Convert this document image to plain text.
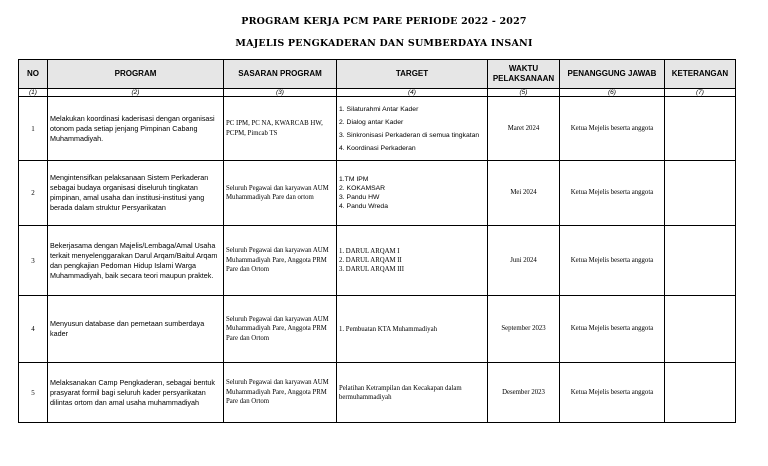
PROGRAM KERJA PCM PARE PERIODE 2022 - 2027
MAJELIS PENGKADERAN DAN SUMBERDAYA INSANI
NO	PROGRAM	SASARAN PROGRAM	TARGET	WAKTU PELAKSANAAN	PENANGGUNG JAWAB	KETERANGAN
(1)	(2)	(3)	(4)	(5)	(6)	(7)
1	Melakukan koordinasi kaderisasi dengan organisasi otonom pada setiap jenjang Pimpinan Cabang Muhammadiyah.	PC IPM, PC NA, KWARCAB HW, PCPM, Pimcab TS	1. Silaturahmi Antar Kader
2. Dialog antar Kader
3. Sinkronisasi Perkaderan di semua tingkatan
4. Koordinasi Perkaderan	Maret 2024	Ketua Mejelis beserta anggota	
2	Mengintensifkan pelaksanaan Sistem Perkaderan sebagai budaya organisasi diseluruh tingkatan pimpinan, amal usaha dan institusi-institusi yang berada dalam struktur Persyarikatan	Seluruh Pegawai dan karyawan AUM Muhammadiyah Pare dan ortom	1.TM IPM
2. KOKAMSAR
3. Pandu HW
4. Pandu Wreda	Mei 2024	Ketua Mejelis beserta anggota	
3	Bekerjasama dengan Majelis/Lembaga/Amal Usaha terkait menyelenggarakan Darul Arqam/Baitul Arqam dan pengkajian Pedoman Hidup Islami Warga Muhammadiyah, baik secara teori maupun praktek.	Seluruh Pegawai dan karyawan AUM Muhammadiyah Pare, Anggota PRM Pare dan Ortom	1. DARUL ARQAM I
2. DARUL ARQAM II
3. DARUL ARQAM III	Juni 2024	Ketua Mejelis beserta anggota	
4	Menyusun database dan pemetaan sumberdaya kader	Seluruh Pegawai dan karyawan AUM Muhammadiyah Pare, Anggota PRM Pare dan Ortom	1. Pembuatan KTA Muhammadiyah	September 2023	Ketua Mejelis beserta anggota	
5	Melaksanakan Camp Pengkaderan, sebagai bentuk prasyarat formil bagi seluruh kader persyarikatan dilintas ortom dan amal usaha muhammadiyah	Seluruh Pegawai dan karyawan AUM Muhammadiyah Pare, Anggota PRM Pare dan Ortom	Pelatihan Ketrampilan dan Kecakapan dalam bermuhammadiyah	Desember 2023	Ketua Mejelis beserta anggota	
